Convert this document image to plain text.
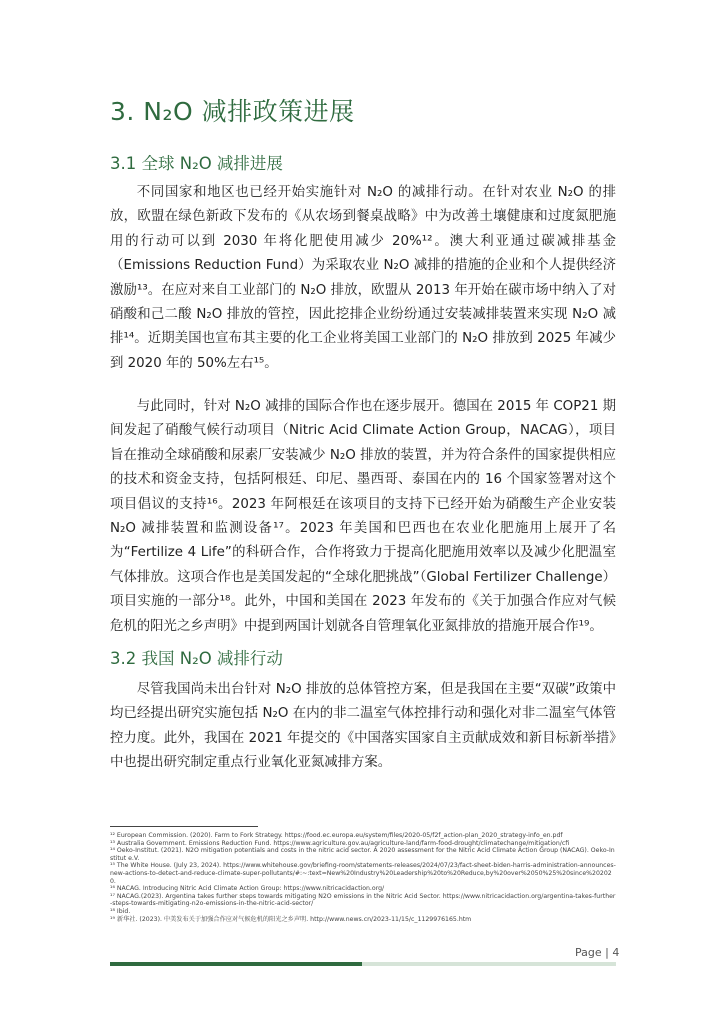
3. N₂O 减排政策进展
3.1 全球 N₂O 减排进展

不同国家和地区也已经开始实施针对 N₂O 的减排行动。在针对农业 N₂O 的排放，欧盟在绿色新政下发布的《从农场到餐桌战略》中为改善土壤健康和过度氮肥施用的行动可以到 2030 年将化肥使用减少 20%¹²。澳大利亚通过碳减排基金（Emissions Reduction Fund）为采取农业 N₂O 减排的措施的企业和个人提供经济激励¹³。在应对来自工业部门的 N₂O 排放，欧盟从 2013 年开始在碳市场中纳入了对硝酸和己二酸 N₂O 排放的管控，因此挖排企业纷纷通过安装减排装置来实现 N₂O 减排¹⁴。近期美国也宣布其主要的化工企业将美国工业部门的 N₂O 排放到 2025 年减少到 2020 年的 50%左右¹⁵。

与此同时，针对 N₂O 减排的国际合作也在逐步展开。德国在 2015 年 COP21 期间发起了硝酸气候行动项目（Nitric Acid Climate Action Group，NACAG），项目旨在推动全球硝酸和尿素厂安装减少 N₂O 排放的装置，并为符合条件的国家提供相应的技术和资金支持，包括阿根廷、印尼、墨西哥、泰国在内的 16 个国家签署对这个项目倡议的支持¹⁶。2023 年阿根廷在该项目的支持下已经开始为硝酸生产企业安装 N₂O 减排装置和监测设备¹⁷。2023 年美国和巴西也在农业化肥施用上展开了名为“Fertilize 4 Life”的科研合作，合作将致力于提高化肥施用效率以及减少化肥温室气体排放。这项合作也是美国发起的“全球化肥挑战”（Global Fertilizer Challenge）项目实施的一部分¹⁸。此外，中国和美国在 2023 年发布的《关于加强合作应对气候危机的阳光之乡声明》中提到两国计划就各自管理氧化亚氮排放的措施开展合作¹⁹。

3.2 我国 N₂O 减排行动

尽管我国尚未出台针对 N₂O 排放的总体管控方案，但是我国在主要“双碳”政策中均已经提出研究实施包括 N₂O 在内的非二温室气体控排行动和强化对非二温室气体管控力度。此外，我国在 2021 年提交的《中国落实国家自主贡献成效和新目标新举措》中也提出研究制定重点行业氧化亚氮减排方案。

¹² European Commission. (2020). Farm to Fork Strategy. https://food.ec.europa.eu/system/files/2020-05/f2f_action-plan_2020_strategy-info_en.pdf

¹³ Australia Government. Emissions Reduction Fund. https://www.agriculture.gov.au/agriculture-land/farm-food-drought/climatechange/mitigation/cfi

¹⁴ Oeko-Institut. (2021). N2O mitigation potentials and costs in the nitric acid sector. A 2020 assessment for the Nitric Acid Climate Action Group (NACAG). Oeko-Institut e.V.

¹⁵ The White House. (July 23, 2024). https://www.whitehouse.gov/briefing-room/statements-releases/2024/07/23/fact-sheet-biden-harris-administration-announces-new-actions-to-detect-and-reduce-climate-super-pollutants/#:~:text=New%20Industry%20Leadership%20to%20Reduce,by%20over%2050%25%20since%202020.

¹⁶ NACAG. Introducing Nitric Acid Climate Action Group: https://www.nitricacidaction.org/

¹⁷ NACAG.(2023). Argentina takes further steps towards mitigating N2O emissions in the Nitric Acid Sector. https://www.nitricacidaction.org/argentina-takes-further-steps-towards-mitigating-n2o-emissions-in-the-nitric-acid-sector/

¹⁸ Ibid.

¹⁹ 新华社. (2023). 中美发布关于加强合作应对气候危机的阳光之乡声明. http://www.news.cn/2023-11/15/c_1129976165.htm

Page | 4
